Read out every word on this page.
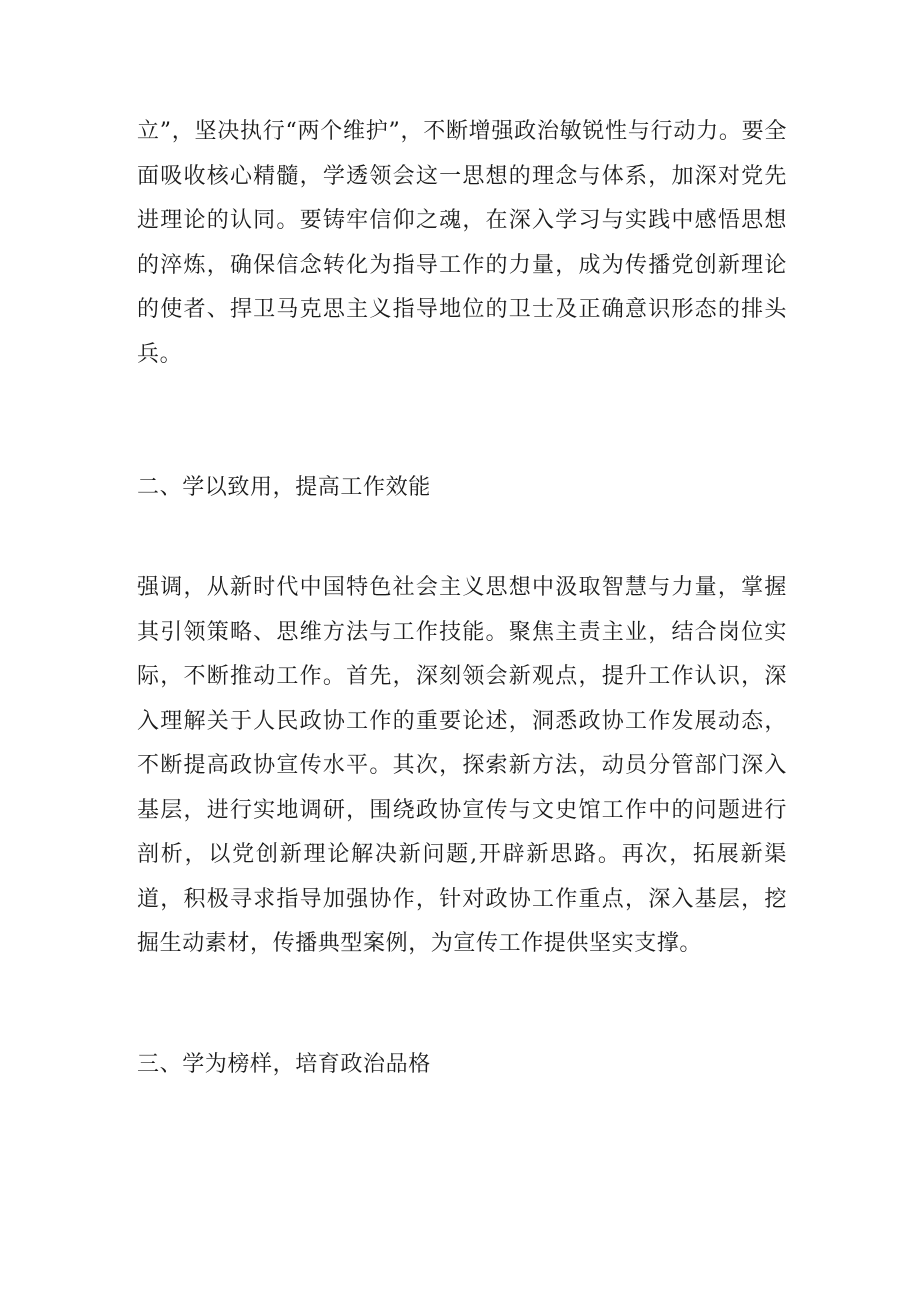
立”，坚决执行“两个维护”，不断增强政治敏锐性与行动力。要全面吸收核心精髓，学透领会这一思想的理念与体系，加深对党先进理论的认同。要铸牢信仰之魂，在深入学习与实践中感悟思想的淬炼，确保信念转化为指导工作的力量，成为传播党创新理论的使者、捍卫马克思主义指导地位的卫士及正确意识形态的排头兵。

二、学以致用，提高工作效能

强调，从新时代中国特色社会主义思想中汲取智慧与力量，掌握其引领策略、思维方法与工作技能。聚焦主责主业，结合岗位实际，不断推动工作。首先，深刻领会新观点，提升工作认识，深入理解关于人民政协工作的重要论述，洞悉政协工作发展动态，不断提高政协宣传水平。其次，探索新方法，动员分管部门深入基层，进行实地调研，围绕政协宣传与文史馆工作中的问题进行剖析，以党创新理论解决新问题,开辟新思路。再次，拓展新渠道，积极寻求指导加强协作，针对政协工作重点，深入基层，挖掘生动素材，传播典型案例，为宣传工作提供坚实支撑。

三、学为榜样，培育政治品格
